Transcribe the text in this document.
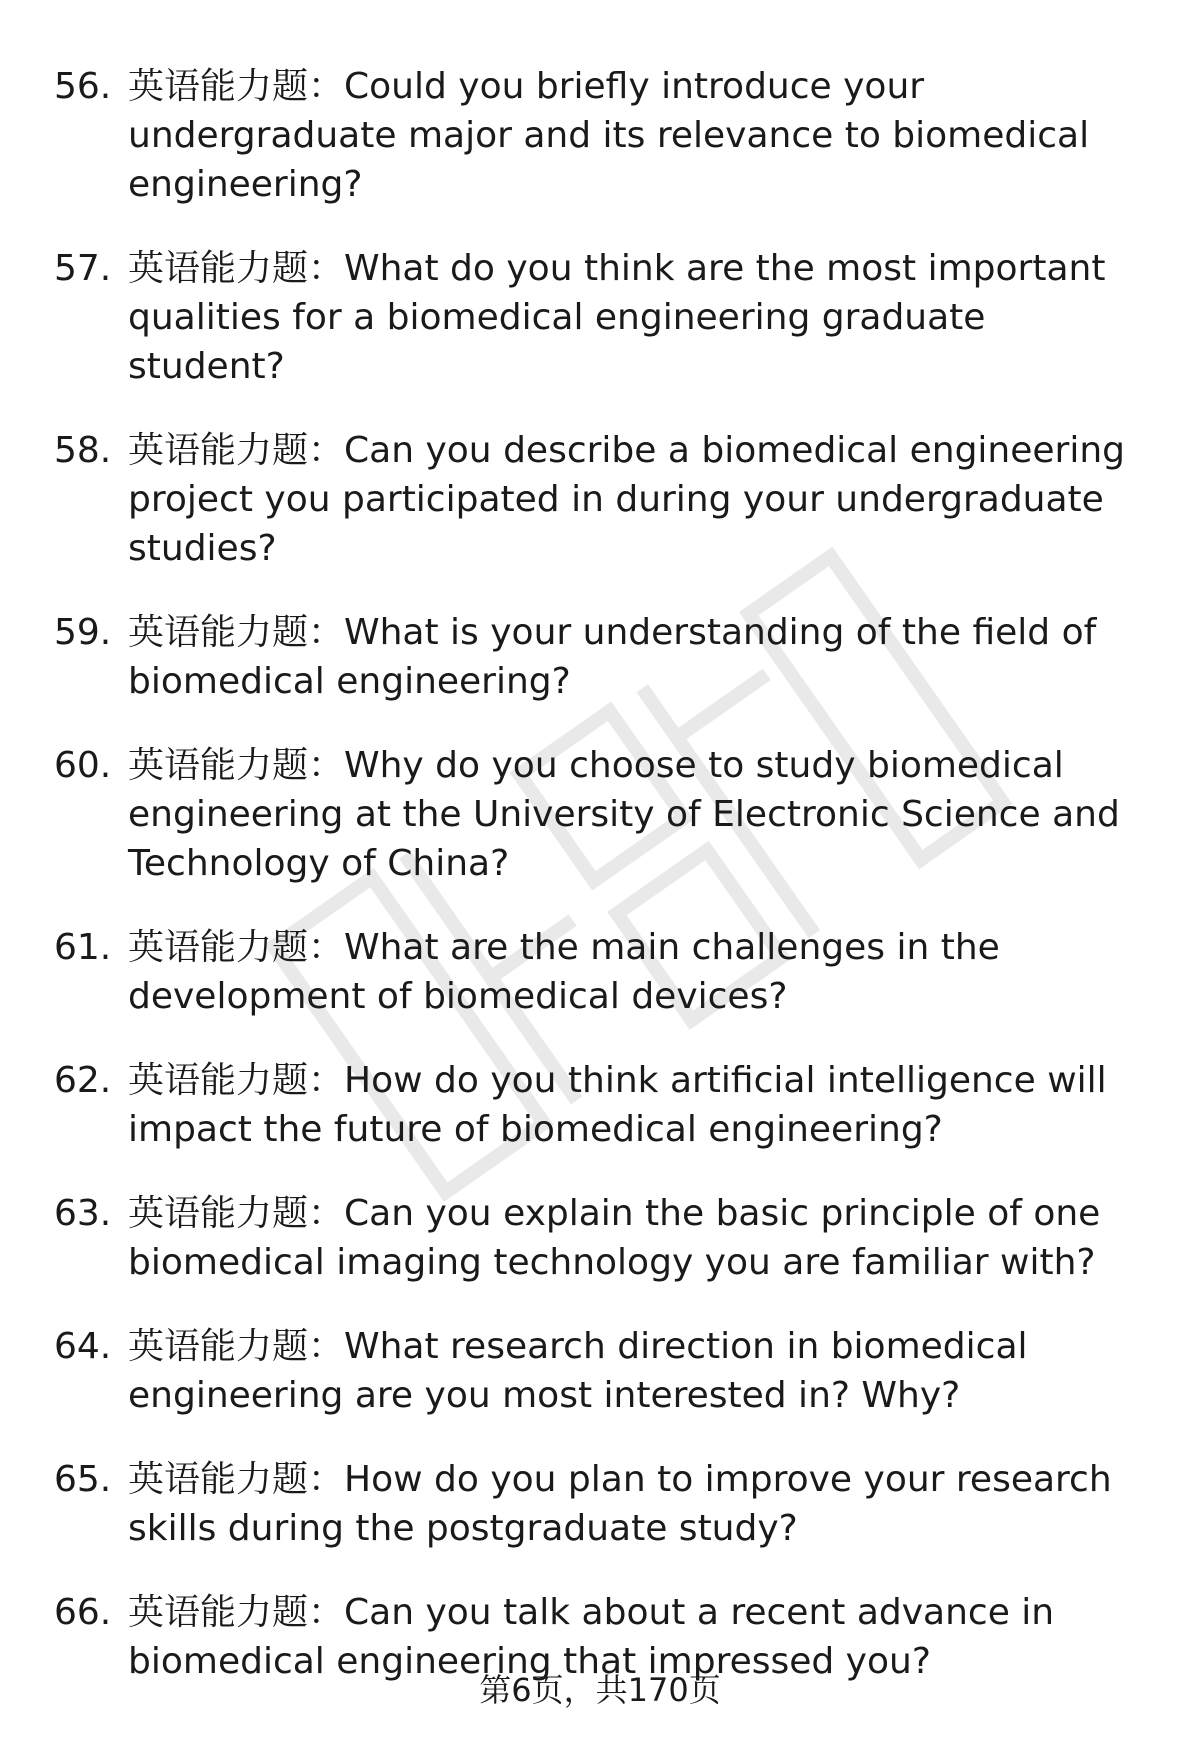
56. 英语能力题：Could you briefly introduce your undergraduate major and its relevance to biomedical engineering?
57. 英语能力题：What do you think are the most important qualities for a biomedical engineering graduate student?
58. 英语能力题：Can you describe a biomedical engineering project you participated in during your undergraduate studies?
59. 英语能力题：What is your understanding of the field of biomedical engineering?
60. 英语能力题：Why do you choose to study biomedical engineering at the University of Electronic Science and Technology of China?
61. 英语能力题：What are the main challenges in the development of biomedical devices?
62. 英语能力题：How do you think artificial intelligence will impact the future of biomedical engineering?
63. 英语能力题：Can you explain the basic principle of one biomedical imaging technology you are familiar with?
64. 英语能力题：What research direction in biomedical engineering are you most interested in? Why?
65. 英语能力题：How do you plan to improve your research skills during the postgraduate study?
66. 英语能力题：Can you talk about a recent advance in biomedical engineering that impressed you?
第6页，共170页
